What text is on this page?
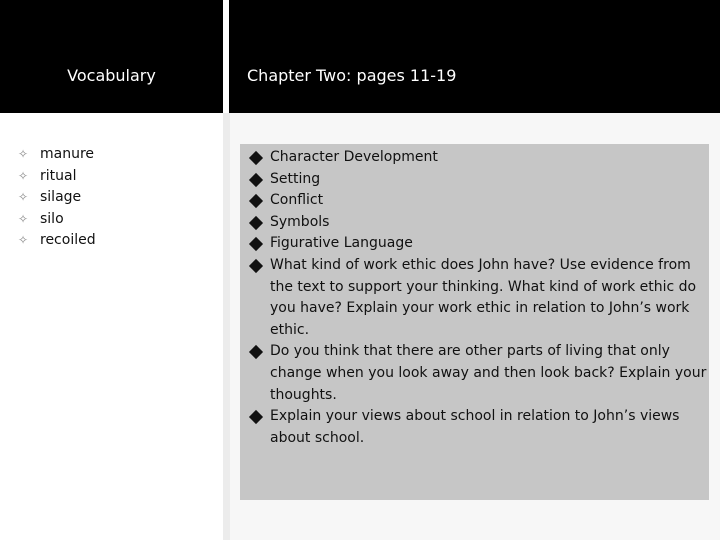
Vocabulary	Chapter Two: pages 11-19
✧ manure
✧ ritual
✧ silage
✧ silo
✧ recoiled
Character Development
Setting
Conflict
Symbols
Figurative Language
What kind of work ethic does John have? Use evidence from the text to support your thinking. What kind of work ethic do you have? Explain your work ethic in relation to John’s work ethic.
Do you think that there are other parts of living that only change when you look away and then look back? Explain your thoughts.
Explain your views about school in relation to John’s views about school.
